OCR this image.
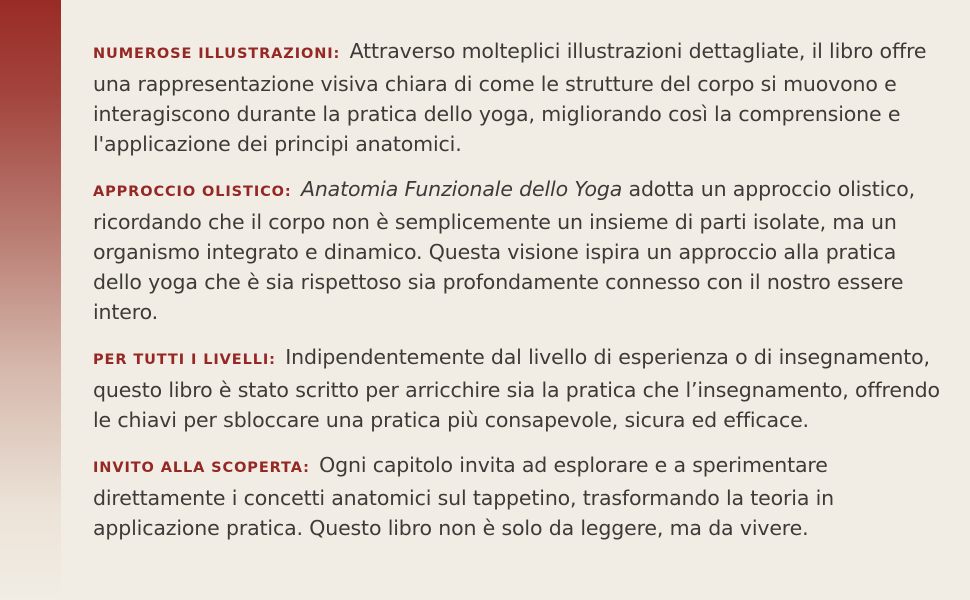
NUMEROSE ILLUSTRAZIONI: Attraverso molteplici illustrazioni dettagliate, il libro offre una rappresentazione visiva chiara di come le strutture del corpo si muovono e interagiscono durante la pratica dello yoga, migliorando così la comprensione e l'applicazione dei principi anatomici.

APPROCCIO OLISTICO: Anatomia Funzionale dello Yoga adotta un approccio olistico, ricordando che il corpo non è semplicemente un insieme di parti isolate, ma un organismo integrato e dinamico. Questa visione ispira un approccio alla pratica dello yoga che è sia rispettoso sia profondamente connesso con il nostro essere intero.

PER TUTTI I LIVELLI: Indipendentemente dal livello di esperienza o di insegnamento, questo libro è stato scritto per arricchire sia la pratica che l’insegnamento, offrendo le chiavi per sbloccare una pratica più consapevole, sicura ed efficace.

INVITO ALLA SCOPERTA: Ogni capitolo invita ad esplorare e a sperimentare direttamente i concetti anatomici sul tappetino, trasformando la teoria in applicazione pratica. Questo libro non è solo da leggere, ma da vivere.
